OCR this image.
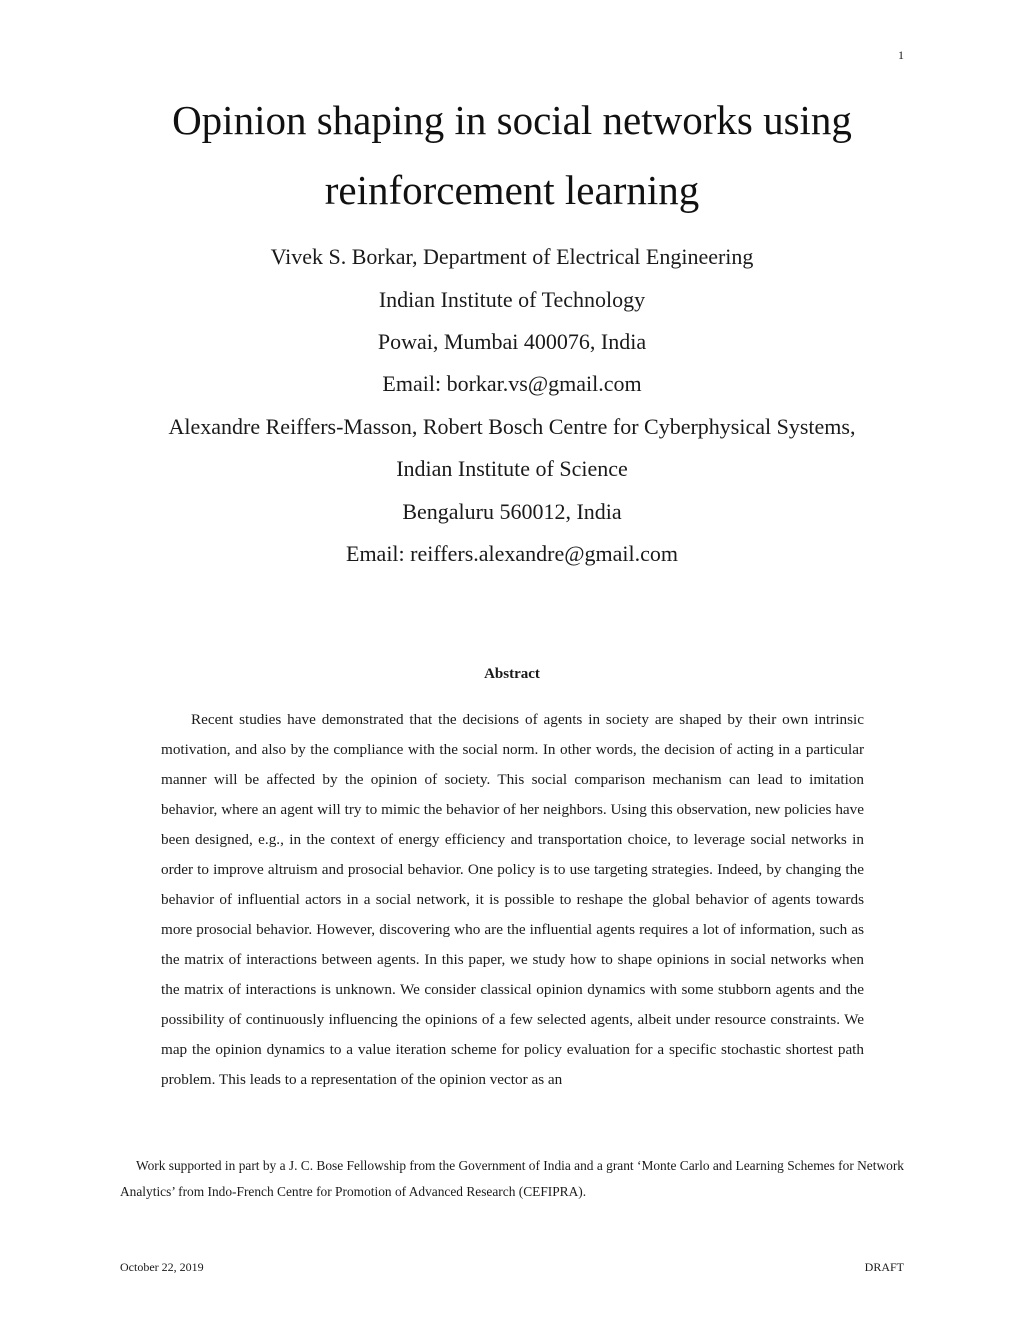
1
Opinion shaping in social networks using
reinforcement learning
Vivek S. Borkar, Department of Electrical Engineering
Indian Institute of Technology
Powai, Mumbai 400076, India
Email: borkar.vs@gmail.com
Alexandre Reiffers-Masson, Robert Bosch Centre for Cyberphysical Systems,
Indian Institute of Science
Bengaluru 560012, India
Email: reiffers.alexandre@gmail.com
Abstract

Recent studies have demonstrated that the decisions of agents in society are shaped by their own intrinsic motivation, and also by the compliance with the social norm. In other words, the decision of acting in a particular manner will be affected by the opinion of society. This social comparison mechanism can lead to imitation behavior, where an agent will try to mimic the behavior of her neighbors. Using this observation, new policies have been designed, e.g., in the context of energy efficiency and transportation choice, to leverage social networks in order to improve altruism and prosocial behavior. One policy is to use targeting strategies. Indeed, by changing the behavior of influential actors in a social network, it is possible to reshape the global behavior of agents towards more prosocial behavior. However, discovering who are the influential agents requires a lot of information, such as the matrix of interactions between agents. In this paper, we study how to shape opinions in social networks when the matrix of interactions is unknown. We consider classical opinion dynamics with some stubborn agents and the possibility of continuously influencing the opinions of a few selected agents, albeit under resource constraints. We map the opinion dynamics to a value iteration scheme for policy evaluation for a specific stochastic shortest path problem. This leads to a representation of the opinion vector as an

Work supported in part by a J. C. Bose Fellowship from the Government of India and a grant ‘Monte Carlo and Learning Schemes for Network Analytics’ from Indo-French Centre for Promotion of Advanced Research (CEFIPRA).

October 22, 2019	DRAFT
